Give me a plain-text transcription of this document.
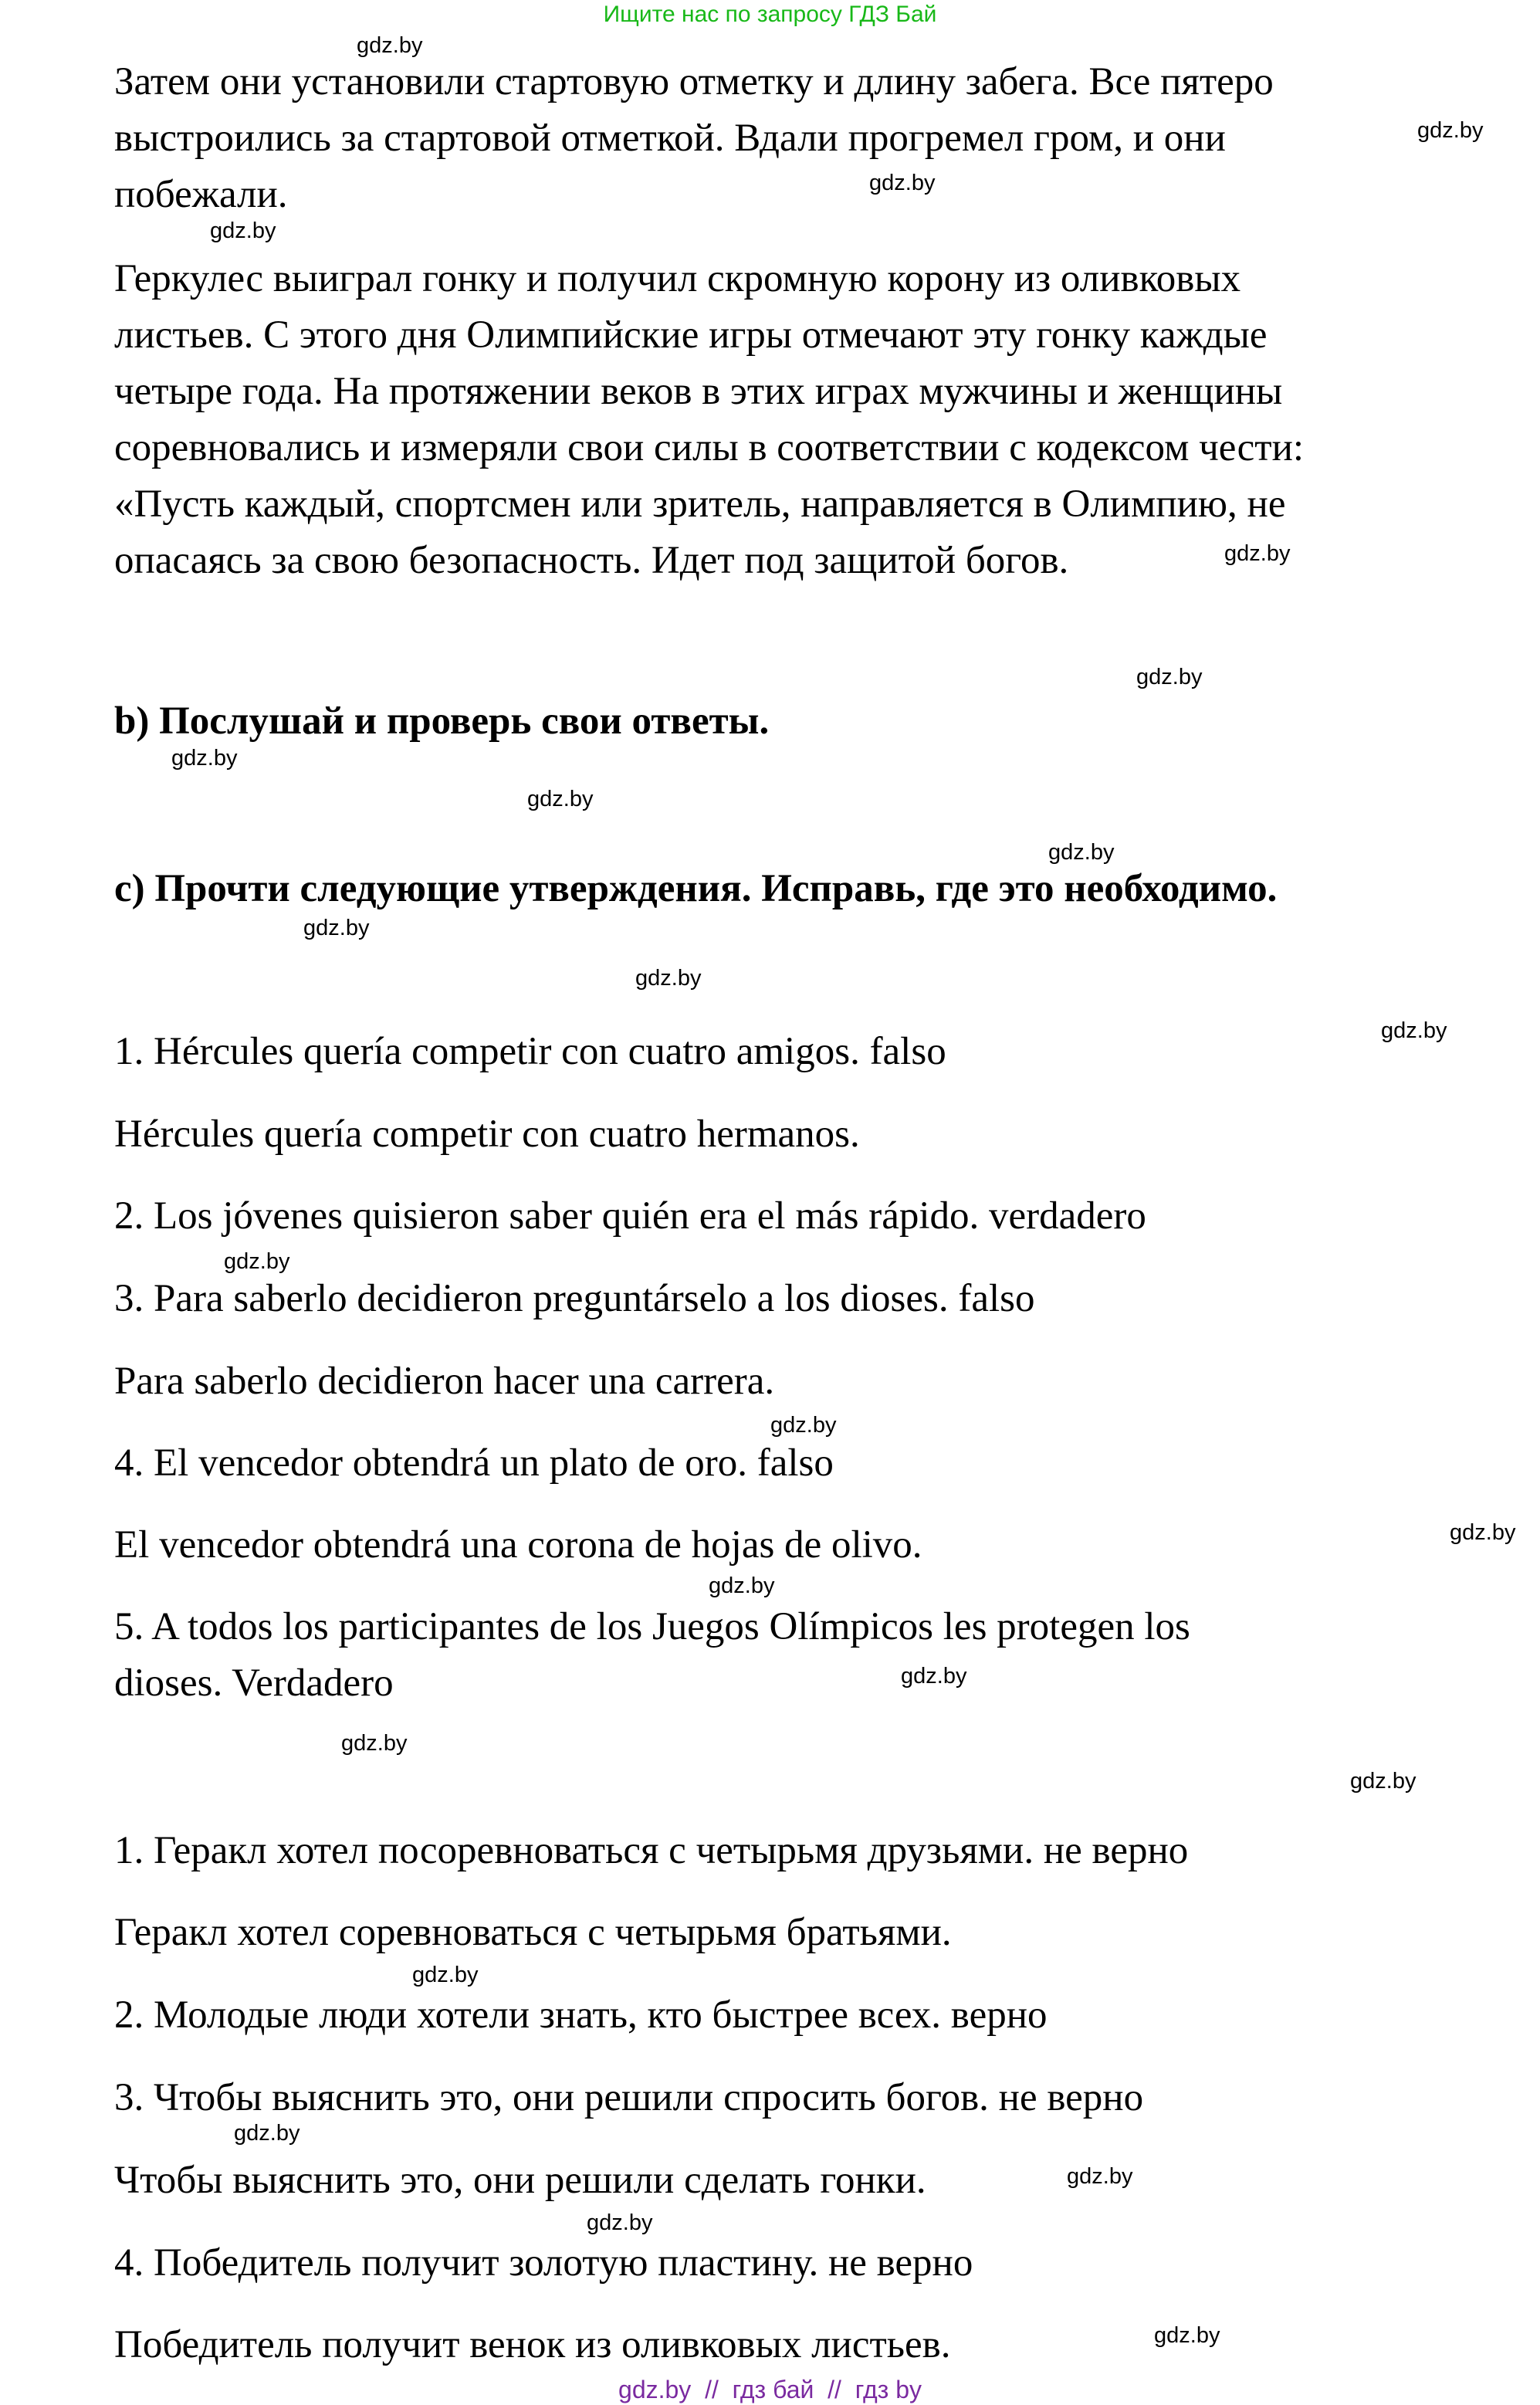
Ищите нас по запросу ГДЗ Бай
Затем они установили стартовую отметку и длину забега. Все пятеро
выстроились за стартовой отметкой. Вдали прогремел гром, и они
побежали.
Геркулес выиграл гонку и получил скромную корону из оливковых
листьев. С этого дня Олимпийские игры отмечают эту гонку каждые
четыре года. На протяжении веков в этих играх мужчины и женщины
соревновались и измеряли свои силы в соответствии с кодексом чести:
«Пусть каждый, спортсмен или зритель, направляется в Олимпию, не
опасаясь за свою безопасность. Идет под защитой богов.
b) Послушай и проверь свои ответы.
c) Прочти следующие утверждения. Исправь, где это необходимо.
1. Hércules quería competir con cuatro amigos. falso
Hércules quería competir con cuatro hermanos.
2. Los jóvenes quisieron saber quién era el más rápido. verdadero
3. Para saberlo decidieron preguntárselo a los dioses. falso
Para saberlo decidieron hacer una carrera.
4. El vencedor obtendrá un plato de oro. falso
El vencedor obtendrá una corona de hojas de olivo.
5. A todos los participantes de los Juegos Olímpicos les protegen los
dioses. Verdadero
1. Геракл хотел посоревноваться с четырьмя друзьями. не верно
Геракл хотел соревноваться с четырьмя братьями.
2. Молодые люди хотели знать, кто быстрее всех. верно
3. Чтобы выяснить это, они решили спросить богов. не верно
Чтобы выяснить это, они решили сделать гонки.
4. Победитель получит золотую пластину. не верно
Победитель получит венок из оливковых листьев.
gdz.by
gdz.by
gdz.by
gdz.by
gdz.by
gdz.by
gdz.by
gdz.by
gdz.by
gdz.by
gdz.by
gdz.by
gdz.by
gdz.by
gdz.by
gdz.by
gdz.by
gdz.by
gdz.by
gdz.by
gdz.by
gdz.by
gdz.by
gdz.by
gdz.by  //  гдз бай  //  гдз by
